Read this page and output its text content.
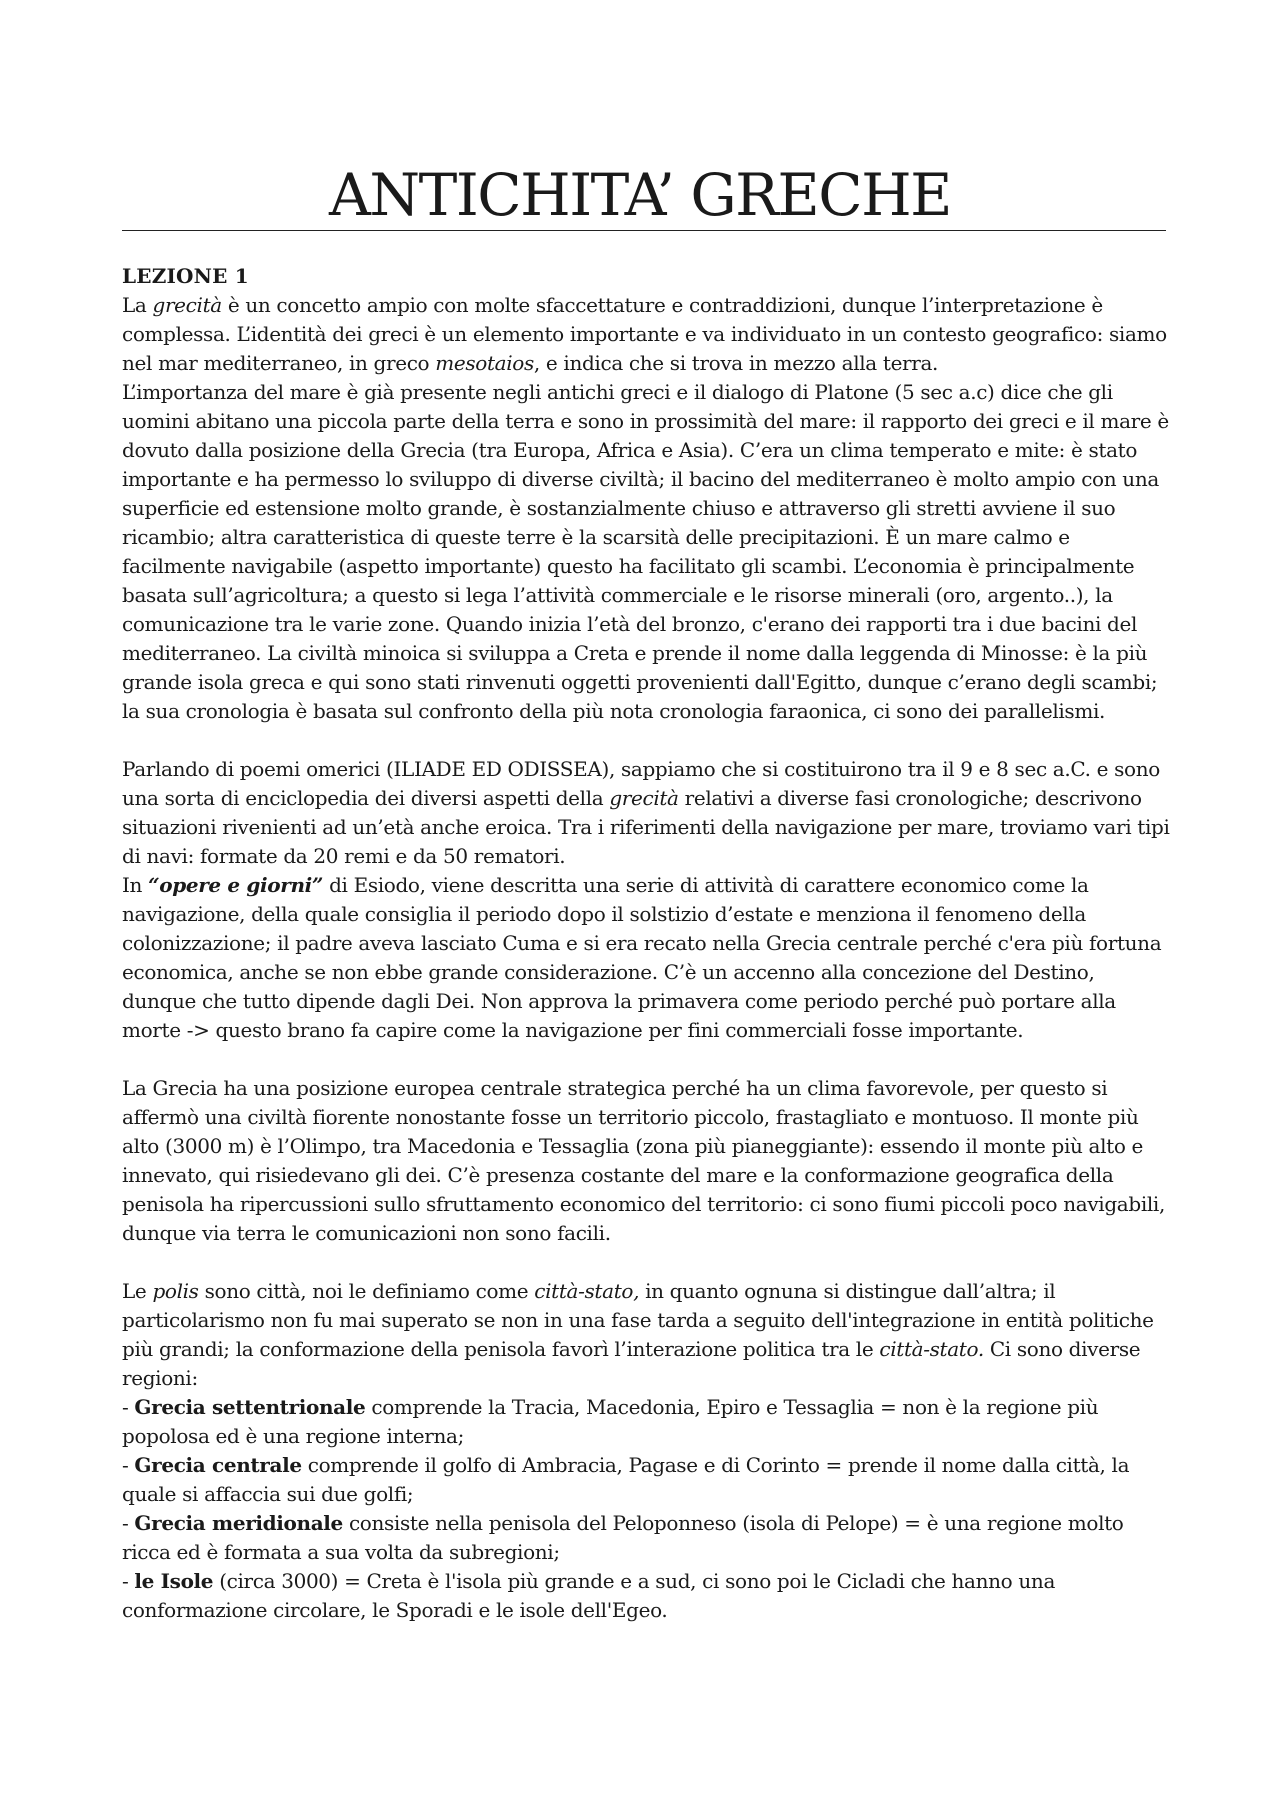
ANTICHITA’ GRECHE

LEZIONE 1

La grecità è un concetto ampio con molte sfaccettature e contraddizioni, dunque l’interpretazione è complessa. L’identità dei greci è un elemento importante e va individuato in un contesto geografico: siamo nel mar mediterraneo, in greco mesotaios, e indica che si trova in mezzo alla terra.

L’importanza del mare è già presente negli antichi greci e il dialogo di Platone (5 sec a.c) dice che gli uomini abitano una piccola parte della terra e sono in prossimità del mare: il rapporto dei greci e il mare è dovuto dalla posizione della Grecia (tra Europa, Africa e Asia). C’era un clima temperato e mite: è stato importante e ha permesso lo sviluppo di diverse civiltà; il bacino del mediterraneo è molto ampio con una superficie ed estensione molto grande, è sostanzialmente chiuso e attraverso gli stretti avviene il suo ricambio; altra caratteristica di queste terre è la scarsità delle precipitazioni. È un mare calmo e facilmente navigabile (aspetto importante) questo ha facilitato gli scambi. L’economia è principalmente basata sull’agricoltura; a questo si lega l’attività commerciale e le risorse minerali (oro, argento..), la comunicazione tra le varie zone. Quando inizia l’età del bronzo, c'erano dei rapporti tra i due bacini del mediterraneo. La civiltà minoica si sviluppa a Creta e prende il nome dalla leggenda di Minosse: è la più grande isola greca e qui sono stati rinvenuti oggetti provenienti dall'Egitto, dunque c’erano degli scambi; la sua cronologia è basata sul confronto della più nota cronologia faraonica, ci sono dei parallelismi.

Parlando di poemi omerici (ILIADE ED ODISSEA), sappiamo che si costituirono tra il 9 e 8 sec a.C. e sono una sorta di enciclopedia dei diversi aspetti della grecità relativi a diverse fasi cronologiche; descrivono situazioni rivenienti ad un’età anche eroica. Tra i riferimenti della navigazione per mare, troviamo vari tipi di navi: formate da 20 remi e da 50 rematori.

In “opere e giorni” di Esiodo, viene descritta una serie di attività di carattere economico come la navigazione, della quale consiglia il periodo dopo il solstizio d’estate e menziona il fenomeno della colonizzazione; il padre aveva lasciato Cuma e si era recato nella Grecia centrale perché c'era più fortuna economica, anche se non ebbe grande considerazione. C’è un accenno alla concezione del Destino, dunque che tutto dipende dagli Dei. Non approva la primavera come periodo perché può portare alla morte -> questo brano fa capire come la navigazione per fini commerciali fosse importante.

La Grecia ha una posizione europea centrale strategica perché ha un clima favorevole, per questo si affermò una civiltà fiorente nonostante fosse un territorio piccolo, frastagliato e montuoso. Il monte più alto (3000 m) è l’Olimpo, tra Macedonia e Tessaglia (zona più pianeggiante): essendo il monte più alto e innevato, qui risiedevano gli dei. C’è presenza costante del mare e la conformazione geografica della penisola ha ripercussioni sullo sfruttamento economico del territorio: ci sono fiumi piccoli poco navigabili, dunque via terra le comunicazioni non sono facili.

Le polis sono città, noi le definiamo come città-stato, in quanto ognuna si distingue dall’altra; il particolarismo non fu mai superato se non in una fase tarda a seguito dell'integrazione in entità politiche più grandi; la conformazione della penisola favorì l’interazione politica tra le città-stato. Ci sono diverse regioni:

- Grecia settentrionale comprende la Tracia, Macedonia, Epiro e Tessaglia = non è la regione più popolosa ed è una regione interna;

- Grecia centrale comprende il golfo di Ambracia, Pagase e di Corinto = prende il nome dalla città, la quale si affaccia sui due golfi;

- Grecia meridionale consiste nella penisola del Peloponneso (isola di Pelope) = è una regione molto ricca ed è formata a sua volta da subregioni;

- le Isole (circa 3000) = Creta è l'isola più grande e a sud, ci sono poi le Cicladi che hanno una conformazione circolare, le Sporadi e le isole dell'Egeo.
